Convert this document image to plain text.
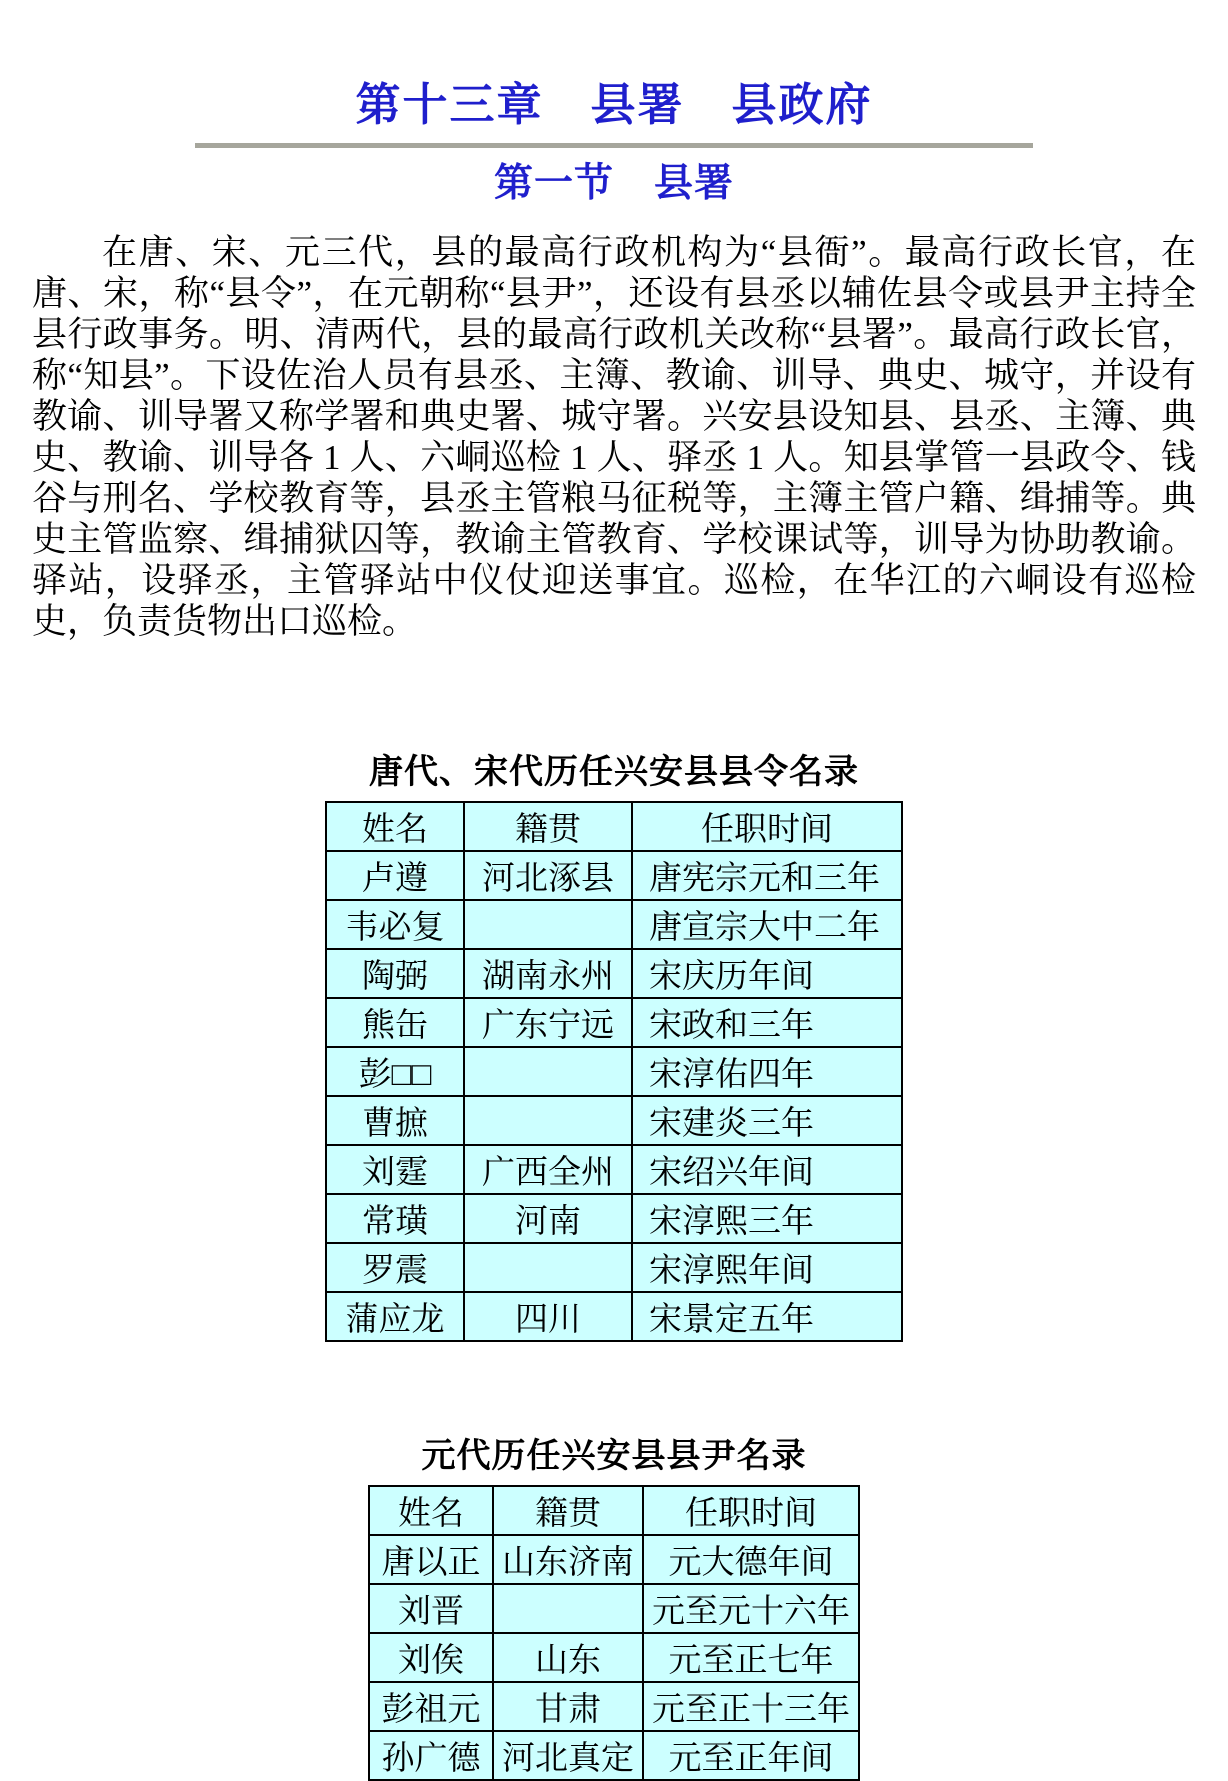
第十三章　县署　县政府
第一节　县署

在唐、宋、元三代，县的最高行政机构为“县衙”。最高行政长官，在唐、宋，称“县令”，在元朝称“县尹”，还设有县丞以辅佐县令或县尹主持全县行政事务。明、清两代，县的最高行政机关改称“县署”。最高行政长官，称“知县”。下设佐治人员有县丞、主簿、教谕、训导、典史、城守，并设有教谕、训导署又称学署和典史署、城守署。兴安县设知县、县丞、主簿、典史、教谕、训导各 1 人、六峒巡检 1 人、驿丞 1 人。知县掌管一县政令、钱谷与刑名、学校教育等，县丞主管粮马征税等，主簿主管户籍、缉捕等。典史主管监察、缉捕狱囚等，教谕主管教育、学校课试等，训导为协助教谕。驿站，设驿丞，主管驿站中仪仗迎送事宜。巡检，在华江的六峒设有巡检史，负责货物出口巡检。

唐代、宋代历任兴安县县令名录
姓名	籍贯	任职时间
卢遵	河北涿县	唐宪宗元和三年
韦必复		唐宣宗大中二年
陶弼	湖南永州	宋庆历年间
熊缶	广东宁远	宋政和三年
彭□□		宋淳佑四年
曹摭		宋建炎三年
刘霆	广西全州	宋绍兴年间
常璜	河南	宋淳熙三年
罗震		宋淳熙年间
蒲应龙	四川	宋景定五年
元代历任兴安县县尹名录
姓名	籍贯	任职时间
唐以正	山东济南	元大德年间
刘晋		元至元十六年
刘俟	山东	元至正七年
彭祖元	甘肃	元至正十三年
孙广德	河北真定	元至正年间
